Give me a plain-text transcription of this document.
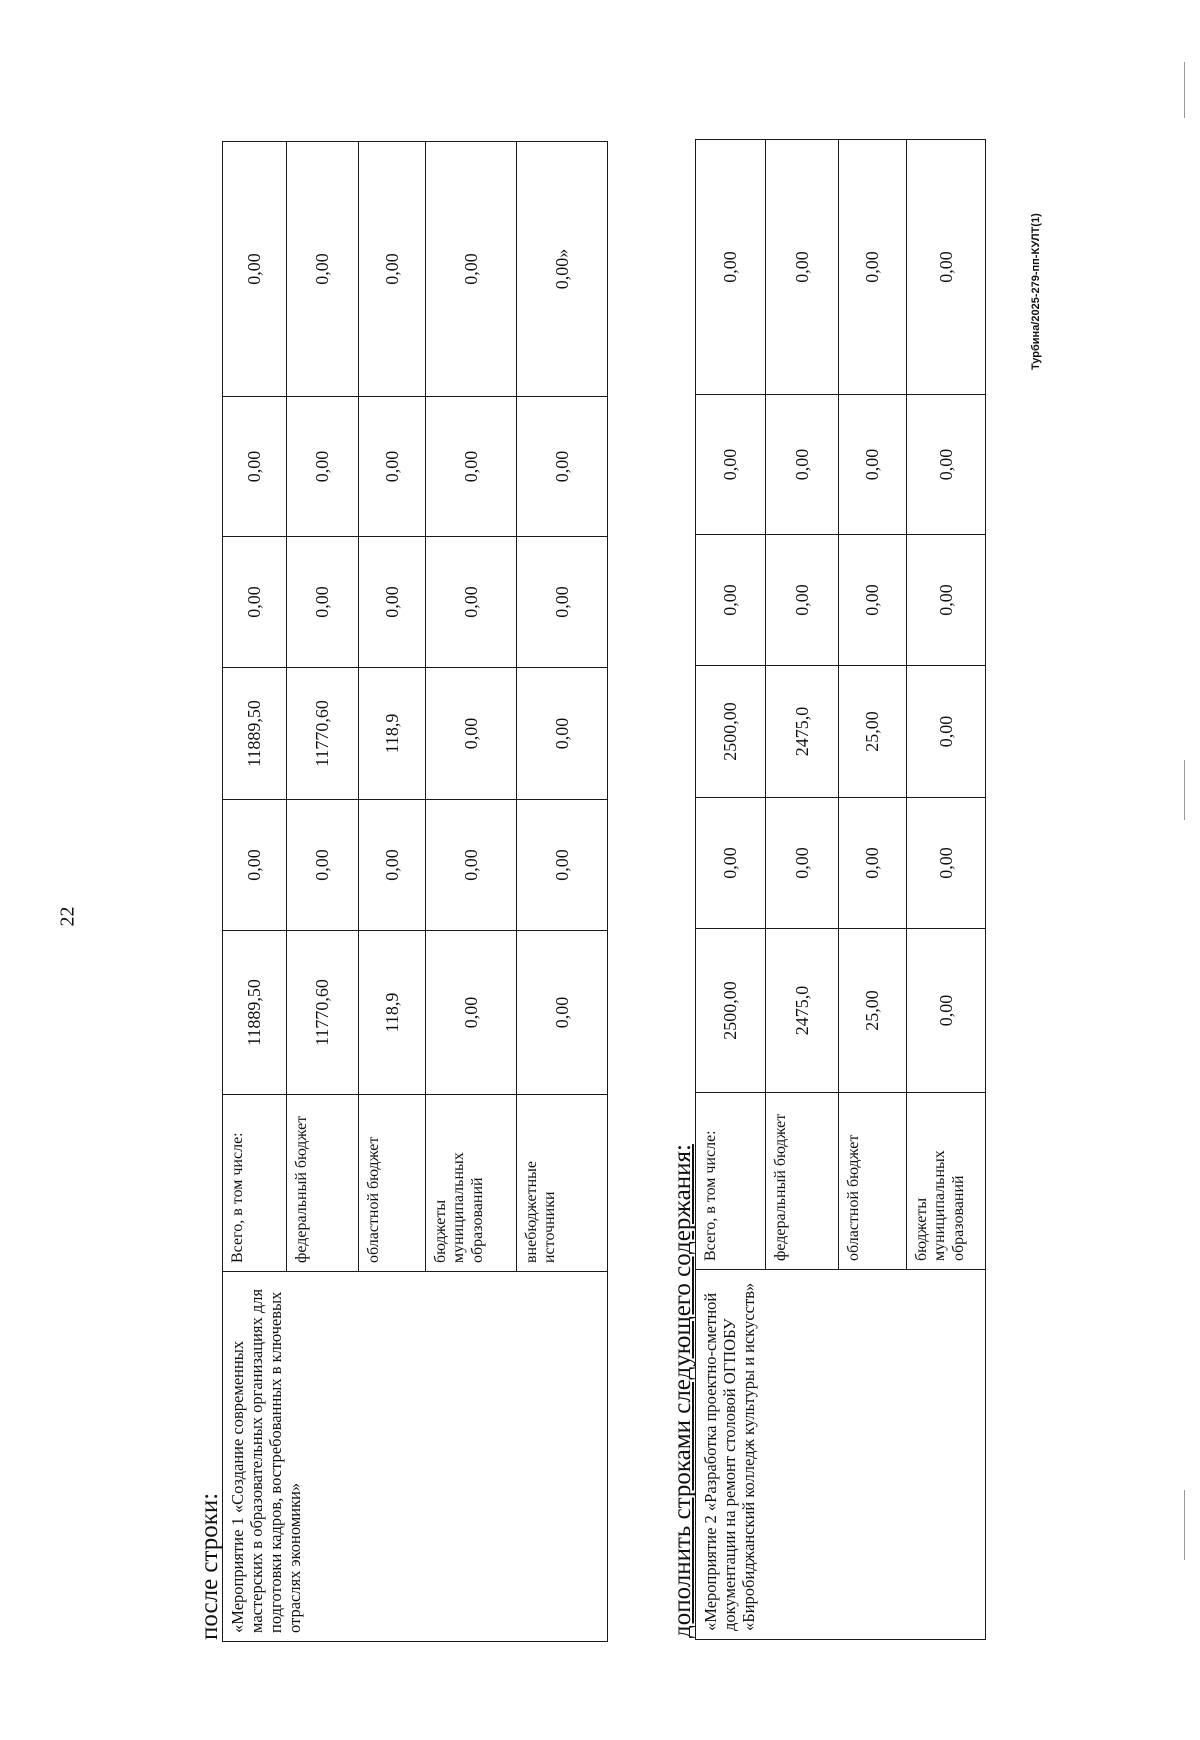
22
после строки: «Мероприятие 1 «Создание современных мастерских в образовательных организациях для подготовки кадров, востребованных в ключевых отраслях экономики»	Всего, в том числе:	11889,50	0,00	11889,50	0,00	0,00	0,00
	федеральный бюджет	11770,60	0,00	11770,60	0,00	0,00	0,00
	областной бюджет	118,9	0,00	118,9	0,00	0,00	0,00
	бюджеты муниципальных образований	0,00	0,00	0,00	0,00	0,00	0,00
	внебюджетные источники	0,00	0,00	0,00	0,00	0,00	0,00»
дополнить строками следующего содержания: «Мероприятие 2 «Разработка проектно-сметной документации на ремонт столовой ОГПОБУ «Биробиджанский колледж культуры и искусств»	Всего, в том числе:	2500,00	0,00	2500,00	0,00	0,00	0,00
	федеральный бюджет	2475,0	0,00	2475,0	0,00	0,00	0,00
	областной бюджет	25,00	0,00	25,00	0,00	0,00	0,00
	бюджеты муниципальных образований	0,00	0,00	0,00	0,00	0,00	0,00	Турбина/2025-279-пп-КУЛТ(1)
